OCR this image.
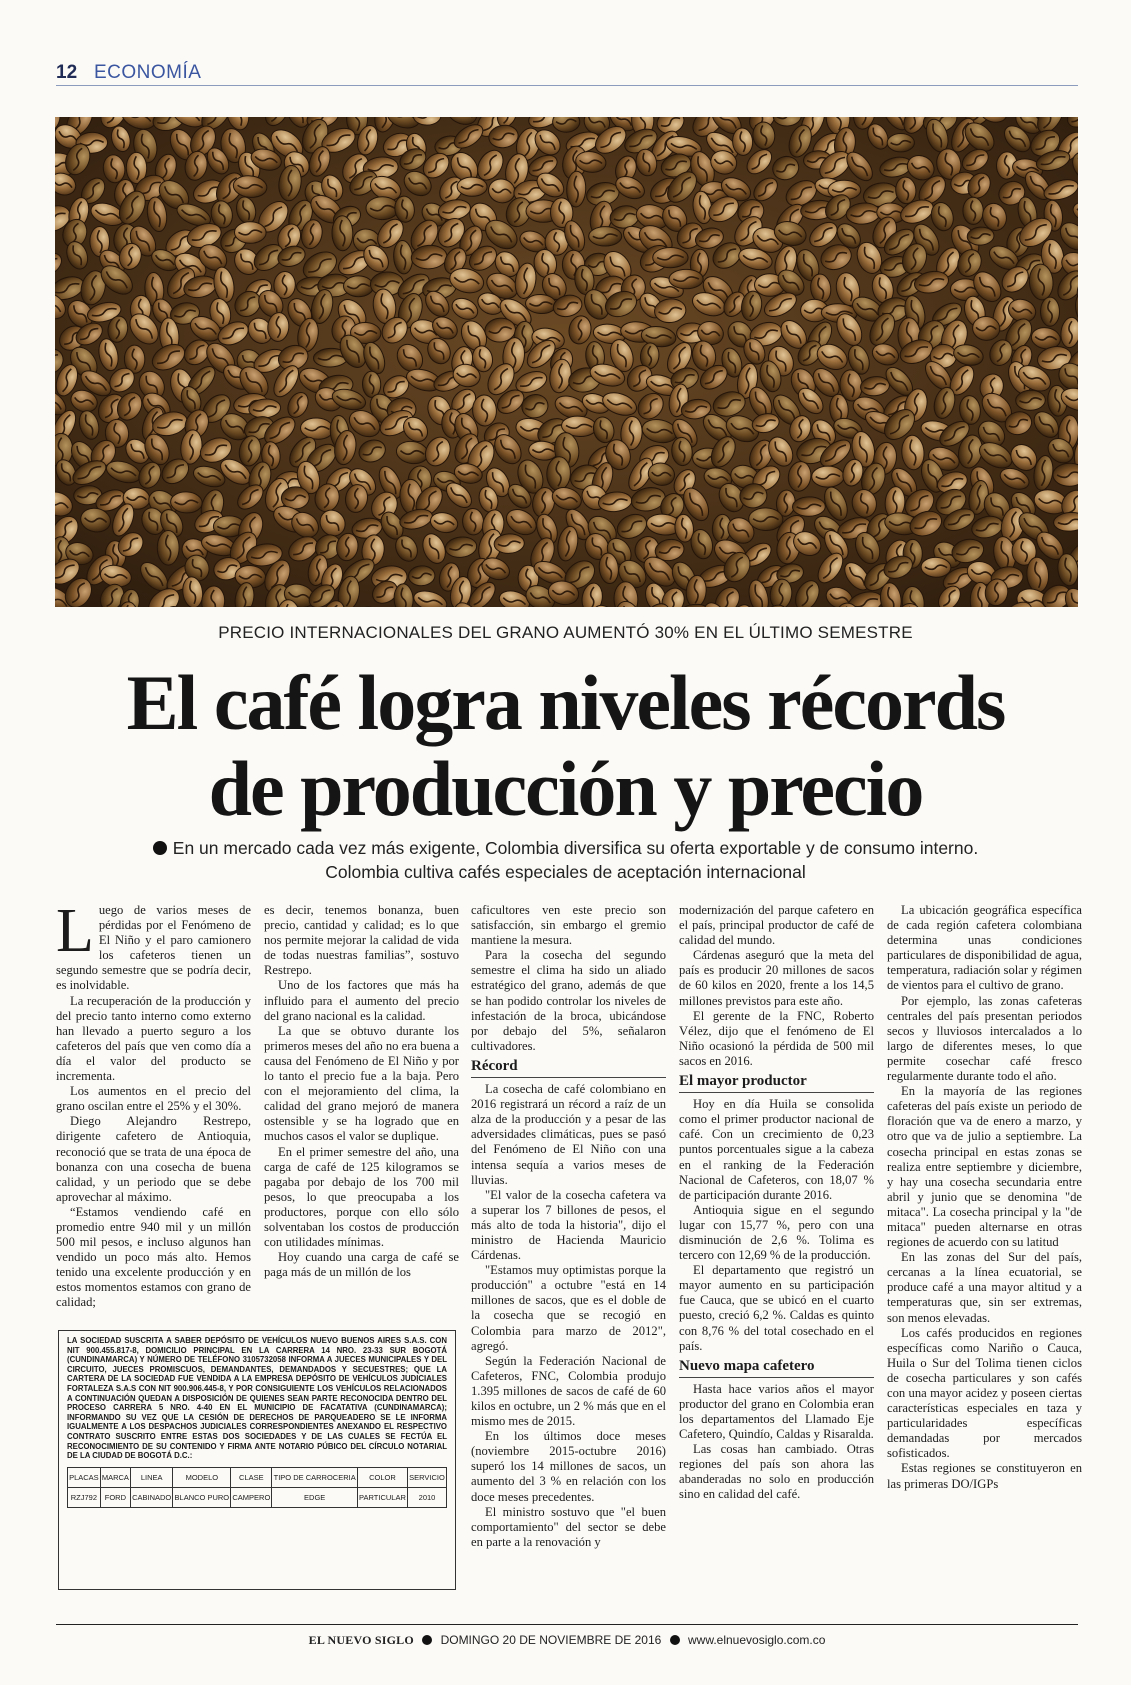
12 ECONOMÍA
PRECIO INTERNACIONALES DEL GRANO AUMENTÓ 30% EN EL ÚLTIMO SEMESTRE
El café logra niveles récords
de producción y precio
En un mercado cada vez más exigente, Colombia diversifica su oferta exportable y de consumo interno. Colombia cultiva cafés especiales de aceptación internacional

Luego de varios meses de pérdidas por el Fenómeno de El Niño y el paro camionero los cafeteros tienen un segundo semestre que se podría decir, es inolvidable.

La recuperación de la producción y del precio tanto interno como externo han llevado a puerto seguro a los cafeteros del país que ven como día a día el valor del producto se incrementa.

Los aumentos en el precio del grano oscilan entre el 25% y el 30%.

Diego Alejandro Restrepo, dirigente cafetero de Antioquia, reconoció que se trata de una época de bonanza con una cosecha de buena calidad, y un periodo que se debe aprovechar al máximo.

“Estamos vendiendo café en promedio entre 940 mil y un millón 500 mil pesos, e incluso algunos han vendido un poco más alto. Hemos tenido una excelente producción y en estos momentos estamos con grano de calidad;

es decir, tenemos bonanza, buen precio, cantidad y calidad; es lo que nos permite mejorar la calidad de vida de todas nuestras familias”, sostuvo Restrepo.

Uno de los factores que más ha influido para el aumento del precio del grano nacional es la calidad.

La que se obtuvo durante los primeros meses del año no era buena a causa del Fenómeno de El Niño y por lo tanto el precio fue a la baja. Pero con el mejoramiento del clima, la calidad del grano mejoró de manera ostensible y se ha logrado que en muchos casos el valor se duplique.

En el primer semestre del año, una carga de café de 125 kilogramos se pagaba por debajo de los 700 mil pesos, lo que preocupaba a los productores, porque con ello sólo solventaban los costos de producción con utilidades mínimas.

Hoy cuando una carga de café se paga más de un millón de los

caficultores ven este precio son satisfacción, sin embargo el gremio mantiene la mesura.

Para la cosecha del segundo semestre el clima ha sido un aliado estratégico del grano, además de que se han podido controlar los niveles de infestación de la broca, ubicándose por debajo del 5%, señalaron cultivadores.

Récord

La cosecha de café colombiano en 2016 registrará un récord a raíz de un alza de la producción y a pesar de las adversidades climáticas, pues se pasó del Fenómeno de El Niño con una intensa sequía a varios meses de lluvias.

"El valor de la cosecha cafetera va a superar los 7 billones de pesos, el más alto de toda la historia", dijo el ministro de Hacienda Mauricio Cárdenas.

"Estamos muy optimistas porque la producción" a octubre "está en 14 millones de sacos, que es el doble de la cosecha que se recogió en Colombia para marzo de 2012", agregó.

Según la Federación Nacional de Cafeteros, FNC, Colombia produjo 1.395 millones de sacos de café de 60 kilos en octubre, un 2 % más que en el mismo mes de 2015.

En los últimos doce meses (noviembre 2015-octubre 2016) superó los 14 millones de sacos, un aumento del 3 % en relación con los doce meses precedentes.

El ministro sostuvo que "el buen comportamiento" del sector se debe en parte a la renovación y

modernización del parque cafetero en el país, principal productor de café de calidad del mundo.

Cárdenas aseguró que la meta del país es producir 20 millones de sacos de 60 kilos en 2020, frente a los 14,5 millones previstos para este año.

El gerente de la FNC, Roberto Vélez, dijo que el fenómeno de El Niño ocasionó la pérdida de 500 mil sacos en 2016.

El mayor productor

Hoy en día Huila se consolida como el primer productor nacional de café. Con un crecimiento de 0,23 puntos porcentuales sigue a la cabeza en el ranking de la Federación Nacional de Cafeteros, con 18,07 % de participación durante 2016.

Antioquia sigue en el segundo lugar con 15,77 %, pero con una disminución de 2,6 %. Tolima es tercero con 12,69 % de la producción.

El departamento que registró un mayor aumento en su participación fue Cauca, que se ubicó en el cuarto puesto, creció 6,2 %. Caldas es quinto con 8,76 % del total cosechado en el país.

Nuevo mapa cafetero

Hasta hace varios años el mayor productor del grano en Colombia eran los departamentos del Llamado Eje Cafetero, Quindío, Caldas y Risaralda.

Las cosas han cambiado. Otras regiones del país son ahora las abanderadas no solo en producción sino en calidad del café.

La ubicación geográfica específica de cada región cafetera colombiana determina unas condiciones particulares de disponibilidad de agua, temperatura, radiación solar y régimen de vientos para el cultivo de grano.

Por ejemplo, las zonas cafeteras centrales del país presentan periodos secos y lluviosos intercalados a lo largo de diferentes meses, lo que permite cosechar café fresco regularmente durante todo el año.

En la mayoría de las regiones cafeteras del país existe un periodo de floración que va de enero a marzo, y otro que va de julio a septiembre. La cosecha principal en estas zonas se realiza entre septiembre y diciembre, y hay una cosecha secundaria entre abril y junio que se denomina "de mitaca". La cosecha principal y la "de mitaca" pueden alternarse en otras regiones de acuerdo con su latitud

En las zonas del Sur del país, cercanas a la línea ecuatorial, se produce café a una mayor altitud y a temperaturas que, sin ser extremas, son menos elevadas.

Los cafés producidos en regiones específicas como Nariño o Cauca, Huila o Sur del Tolima tienen ciclos de cosecha particulares y son cafés con una mayor acidez y poseen ciertas características especiales en taza y particularidades específicas demandadas por mercados sofisticados.

Estas regiones se constituyeron en las primeras DO/IGPs

LA SOCIEDAD SUSCRITA A SABER DEPÓSITO DE VEHÍCULOS NUEVO BUENOS AIRES S.A.S. CON NIT 900.455.817-8, DOMICILIO PRINCIPAL EN LA CARRERA 14 NRO. 23-33 SUR BOGOTÁ (CUNDINAMARCA) Y NÚMERO DE TELÉFONO 3105732058 INFORMA A JUECES MUNICIPALES Y DEL CIRCUITO, JUECES PROMISCUOS, DEMANDANTES, DEMANDADOS Y SECUESTRES; QUE LA CARTERA DE LA SOCIEDAD FUE VENDIDA A LA EMPRESA DEPÓSITO DE VEHÍCULOS JUDICIALES FORTALEZA S.A.S CON NIT 900.906.445-8, Y POR CONSIGUIENTE LOS VEHÍCULOS RELACIONADOS A CONTINUACIÓN QUEDAN A DISPOSICIÓN DE QUIENES SEAN PARTE RECONOCIDA DENTRO DEL PROCESO CARRERA 5 NRO. 4-40 EN EL MUNICIPIO DE FACATATIVA (CUNDINAMARCA); INFORMANDO SU VEZ QUE LA CESIÓN DE DERECHOS DE PARQUEADERO SE LE INFORMA IGUALMENTE A LOS DESPACHOS JUDICIALES CORRESPONDIENTES ANEXANDO EL RESPECTIVO CONTRATO SUSCRITO ENTRE ESTAS DOS SOCIEDADES Y DE LAS CUALES SE FECTÚA EL RECONOCIMIENTO DE SU CONTENIDO Y FIRMA ANTE NOTARIO PÚBICO DEL CÍRCULO NOTARIAL DE LA CIUDAD DE BOGOTÁ D.C.:
PLACAS	MARCA	LINEA	MODELO	CLASE	TIPO DE CARROCERIA	COLOR	SERVICIO
RZJ792	FORD	CABINADO	BLANCO PURO	CAMPERO	EDGE	PARTICULAR	2010
EL NUEVO SIGLO DOMINGO 20 DE NOVIEMBRE DE 2016 www.elnuevosiglo.com.co
